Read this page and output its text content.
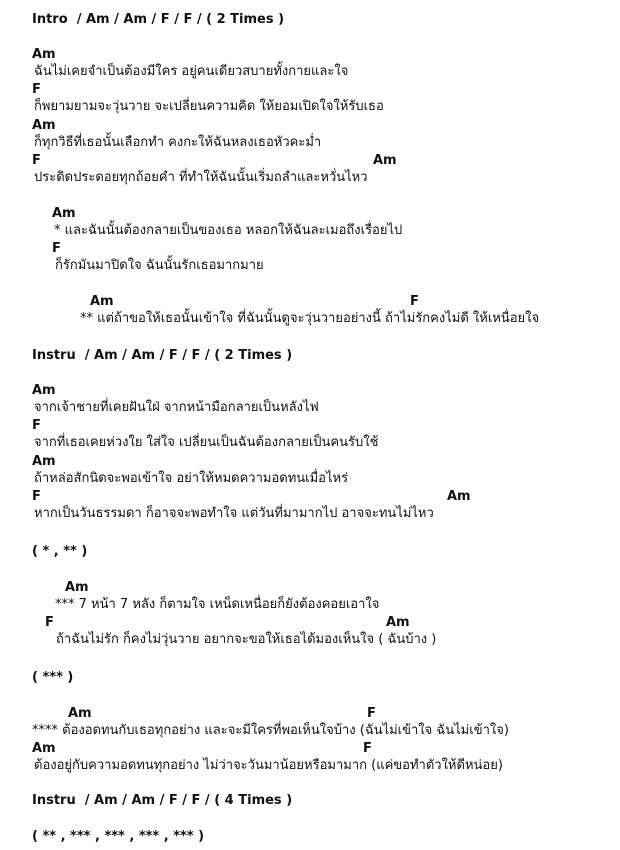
Intro  / Am / Am / F / F / ( 2 Times )
Am
ฉันไม่เคยจำเป็นต้องมีใคร อยู่คนเดียวสบายทั้งกายและใจ
F
ก็พยามยามจะวุ่นวาย จะเปลี่ยนความคิด ให้ยอมเปิดใจให้รับเธอ
Am
ก็ทุกวิธีที่เธอนั้นเลือกทำ คงกะให้ฉันหลงเธอหัวคะม่ำ
F	Am
ประดิดประดอยทุกถ้อยคำ ที่ทำให้ฉันนั้นเริ่มถลำและหวั่นไหว
Am
* และฉันนั้นต้องกลายเป็นของเธอ หลอกให้ฉันละเมอถึงเรื่อยไป
F
ก็รักมันมาปิดใจ ฉันนั้นรักเธอมากมาย
Am	F
** แต่ถ้าขอให้เธอนั้นเข้าใจ ที่ฉันนั้นดูจะวุ่นวายอย่างนี้ ถ้าไม่รักคงไม่ดี ให้เหนื่อยใจ
Instru  / Am / Am / F / F / ( 2 Times )
Am
จากเจ้าชายที่เคยฝันใฝ่ จากหน้ามือกลายเป็นหลังไฟ
F
จากที่เธอเคยห่วงใย ใส่ใจ เปลี่ยนเป็นฉันต้องกลายเป็นคนรับใช้
Am
ถ้าหล่อสักนิดจะพอเข้าใจ อย่าให้หมดความอดทนเมื่อไหร่
F	Am
หากเป็นวันธรรมดา ก็อาจจะพอทำใจ แต่วันที่มามากไป อาจจะทนไม่ไหว
( * , ** )
Am
*** 7 หน้า 7 หลัง ก็ตามใจ เหน็ดเหนื่อยก็ยังต้องคอยเอาใจ
F	Am
ถ้าฉันไม่รัก ก็คงไม่วุ่นวาย อยากจะขอให้เธอได้มองเห็นใจ ( ฉันบ้าง )
( *** )
Am	F
**** ต้องอดทนกับเธอทุกอย่าง และจะมีใครที่พอเห็นใจบ้าง (ฉันไม่เข้าใจ ฉันไม่เข้าใจ)
Am	F
ต้องอยู่กับความอดทนทุกอย่าง ไม่ว่าจะวันมาน้อยหรือมามาก (แค่ขอทำตัวให้ดีหน่อย)
Instru  / Am / Am / F / F / ( 4 Times )
( ** , *** , *** , *** , *** )
